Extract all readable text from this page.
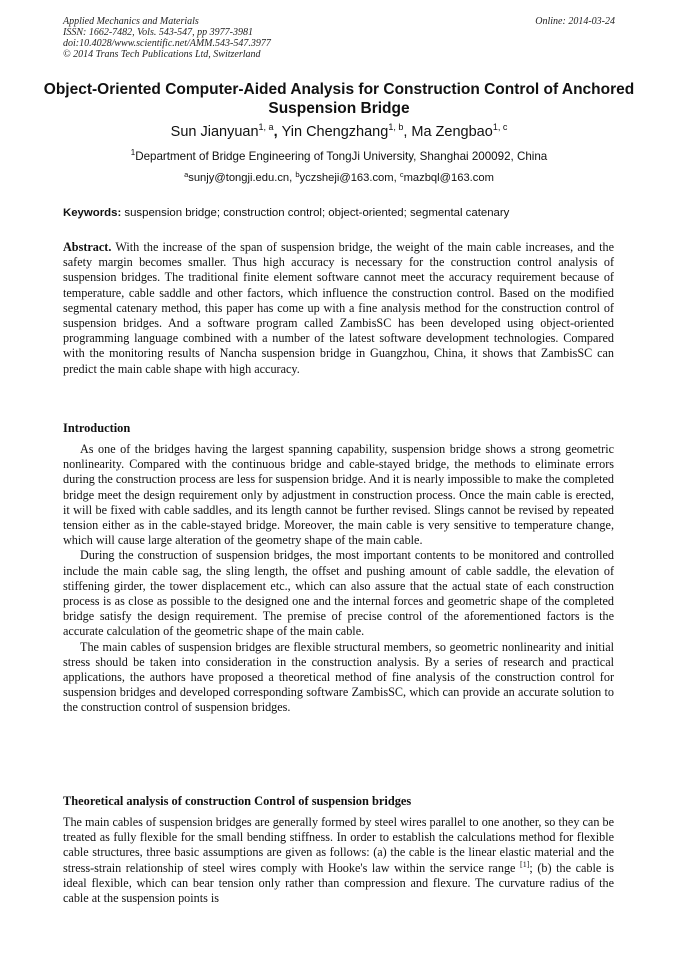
Applied Mechanics and Materials
ISSN: 1662-7482, Vols. 543-547, pp 3977-3981
doi:10.4028/www.scientific.net/AMM.543-547.3977
© 2014 Trans Tech Publications Ltd, Switzerland
Online: 2014-03-24
Object-Oriented Computer-Aided Analysis for Construction Control of Anchored Suspension Bridge
Sun Jianyuan$^{1, a}$, Yin Chengzhang$^{1, b}$, Ma Zengbao$^{1, c}$
$^1$Department of Bridge Engineering of TongJi University, Shanghai 200092, China
$^a$sunjy@tongji.edu.cn, $^b$yczsheji@163.com, $^c$mazbql@163.com
Keywords: suspension bridge; construction control; object-oriented; segmental catenary

Abstract. With the increase of the span of suspension bridge, the weight of the main cable increases, and the safety margin becomes smaller. Thus high accuracy is necessary for the construction control analysis of suspension bridges. The traditional finite element software cannot meet the accuracy requirement because of temperature, cable saddle and other factors, which influence the construction control. Based on the modified segmental catenary method, this paper has come up with a fine analysis method for the construction control of suspension bridges. And a software program called ZambisSC has been developed using object-oriented programming language combined with a number of the latest software development technologies. Compared with the monitoring results of Nancha suspension bridge in Guangzhou, China, it shows that ZambisSC can predict the main cable shape with high accuracy.

Introduction

As one of the bridges having the largest spanning capability, suspension bridge shows a strong geometric nonlinearity. Compared with the continuous bridge and cable-stayed bridge, the methods to eliminate errors during the construction process are less for suspension bridge. And it is nearly impossible to make the completed bridge meet the design requirement only by adjustment in construction process. Once the main cable is erected, it will be fixed with cable saddles, and its length cannot be further revised. Slings cannot be revised by repeated tension either as in the cable-stayed bridge. Moreover, the main cable is very sensitive to temperature change, which will cause large alteration of the geometry shape of the main cable.

During the construction of suspension bridges, the most important contents to be monitored and controlled include the main cable sag, the sling length, the offset and pushing amount of cable saddle, the elevation of stiffening girder, the tower displacement etc., which can also assure that the actual state of each construction process is as close as possible to the designed one and the internal forces and geometric shape of the completed bridge satisfy the design requirement. The premise of precise control of the aforementioned factors is the accurate calculation of the geometric shape of the main cable.

The main cables of suspension bridges are flexible structural members, so geometric nonlinearity and initial stress should be taken into consideration in the construction analysis. By a series of research and practical applications, the authors have proposed a theoretical method of fine analysis of the construction control for suspension bridges and developed corresponding software ZambisSC, which can provide an accurate solution to the construction control of suspension bridges.

Theoretical analysis of construction Control of suspension bridges

The main cables of suspension bridges are generally formed by steel wires parallel to one another, so they can be treated as fully flexible for the small bending stiffness. In order to establish the calculations method for flexible cable structures, three basic assumptions are given as follows: (a) the cable is the linear elastic material and the stress-strain relationship of steel wires comply with Hooke's law within the service range [1]; (b) the cable is ideal flexible, which can bear tension only rather than compression and flexure. The curvature radius of the cable at the suspension points is
